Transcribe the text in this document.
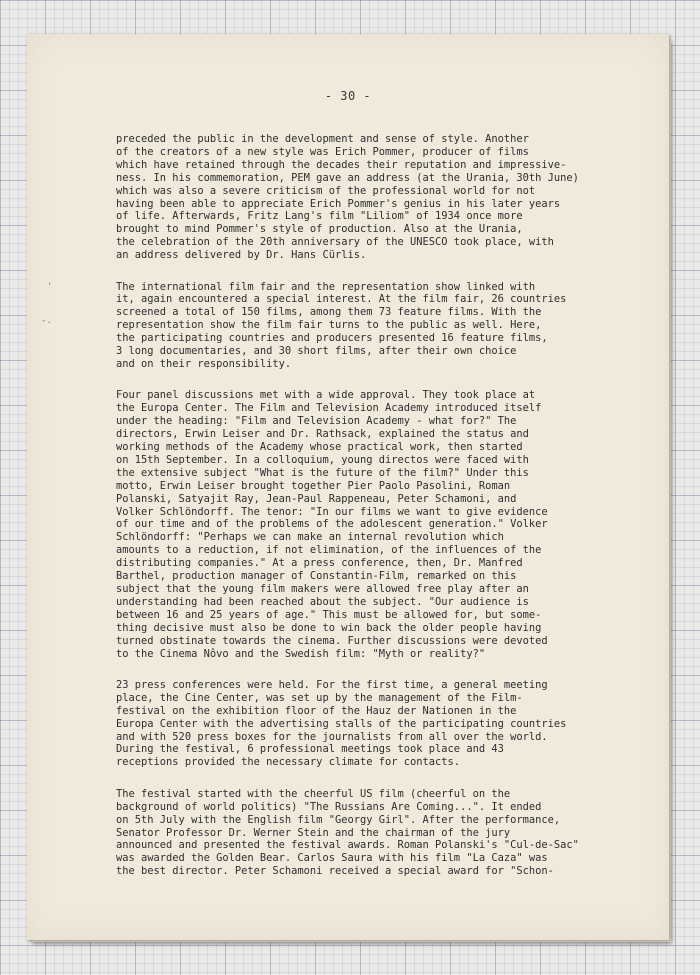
- 30 -
'
-.
preceded the public in the development and sense of style. Another
of the creators of a new style was Erich Pommer, producer of films
which have retained through the decades their reputation and impressive-
ness. In his commemoration, PEM gave an address (at the Urania, 30th June)
which was also a severe criticism of the professional world for not
having been able to appreciate Erich Pommer's genius in his later years
of life. Afterwards, Fritz Lang's film "Liliom" of 1934 once more
brought to mind Pommer's style of production. Also at the Urania,
the celebration of the 20th anniversary of the UNESCO took place, with
an address delivered by Dr. Hans Cürlis.
The international film fair and the representation show linked with
it, again encountered a special interest. At the film fair, 26 countries
screened a total of 150 films, among them 73 feature films. With the
representation show the film fair turns to the public as well. Here,
the participating countries and producers presented 16 feature films,
3 long documentaries, and 30 short films, after their own choice
and on their responsibility.
Four panel discussions met with a wide approval. They took place at
the Europa Center. The Film and Television Academy introduced itself
under the heading: "Film and Television Academy - what for?" The
directors, Erwin Leiser and Dr. Rathsack, explained the status and
working methods of the Academy whose practical work, then started
on 15th September. In a colloquium, young directos were faced with
the extensive subject "What is the future of the film?" Under this
motto, Erwin Leiser brought together Pier Paolo Pasolini, Roman
Polanski, Satyajit Ray, Jean-Paul Rappeneau, Peter Schamoni, and
Volker Schlöndorff. The tenor: "In our films we want to give evidence
of our time and of the problems of the adolescent generation." Volker
Schlöndorff: "Perhaps we can make an internal revolution which
amounts to a reduction, if not elimination, of the influences of the
distributing companies." At a press conference, then, Dr. Manfred
Barthel, production manager of Constantin-Film, remarked on this
subject that the young film makers were allowed free play after an
understanding had been reached about the subject. "Our audience is
between 16 and 25 years of age." This must be allowed for, but some-
thing decisive must also be done to win back the older people having
turned obstinate towards the cinema. Further discussions were devoted
to the Cinema Nôvo and the Swedish film: "Myth or reality?"
23 press conferences were held. For the first time, a general meeting
place, the Cine Center, was set up by the management of the Film-
festival on the exhibition floor of the Hauz der Nationen in the
Europa Center with the advertising stalls of the participating countries
and with 520 press boxes for the journalists from all over the world.
During the festival, 6 professional meetings took place and 43
receptions provided the necessary climate for contacts.
The festival started with the cheerful US film (cheerful on the
background of world politics) "The Russians Are Coming...". It ended
on 5th July with the English film "Georgy Girl". After the performance,
Senator Professor Dr. Werner Stein and the chairman of the jury
announced and presented the festival awards. Roman Polanski's "Cul-de-Sac"
was awarded the Golden Bear. Carlos Saura with his film "La Caza" was
the best director. Peter Schamoni received a special award for "Schon-
